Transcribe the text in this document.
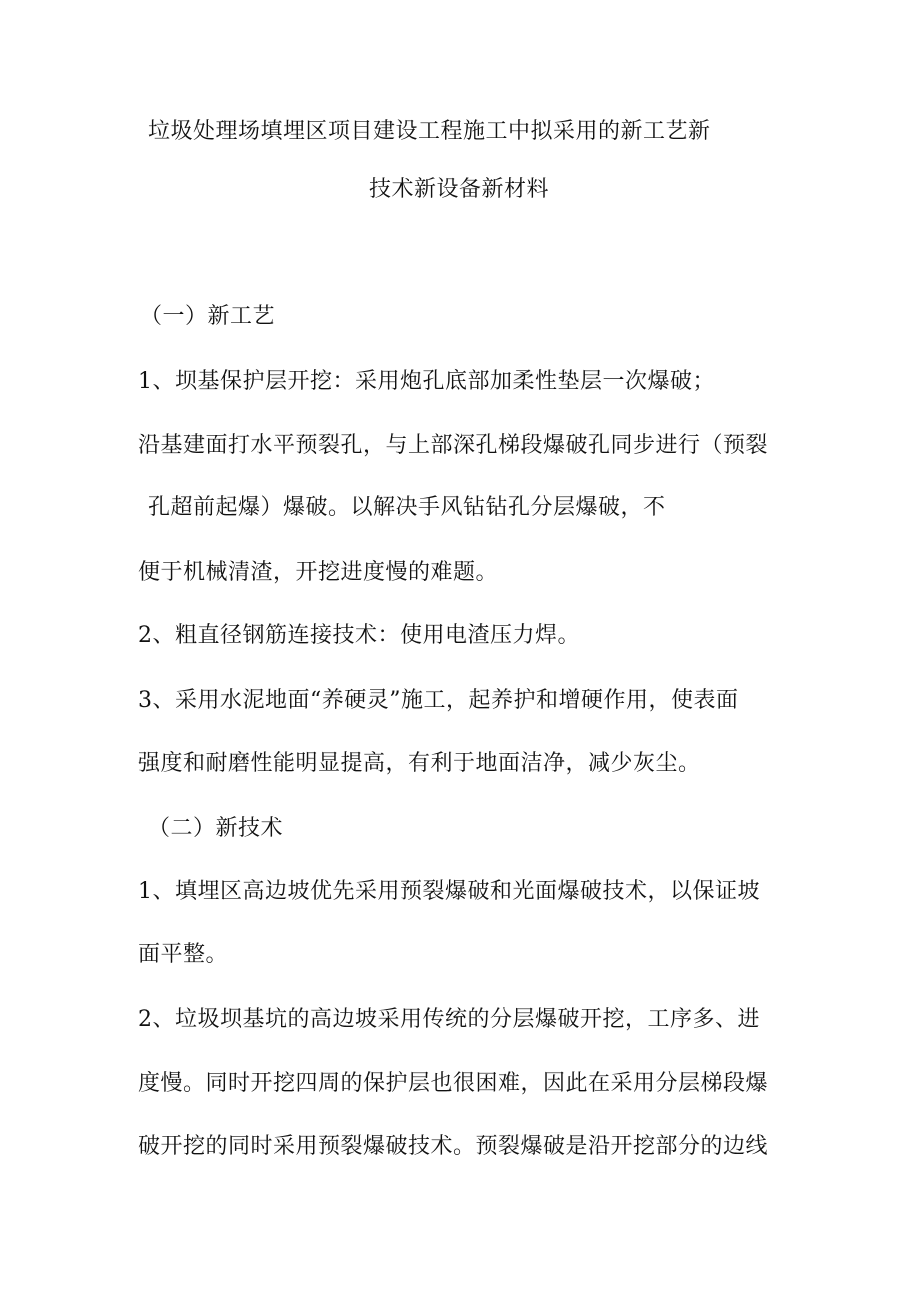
垃圾处理场填埋区项目建设工程施工中拟采用的新工艺新
技术新设备新材料
（一）新工艺
1、坝基保护层开挖：采用炮孔底部加柔性垫层一次爆破；
沿基建面打水平预裂孔，与上部深孔梯段爆破孔同步进行（预裂
孔超前起爆）爆破。以解决手风钻钻孔分层爆破，不
便于机械清渣，开挖进度慢的难题。
2、粗直径钢筋连接技术：使用电渣压力焊。
3、采用水泥地面“养硬灵”施工，起养护和增硬作用，使表面
强度和耐磨性能明显提高，有利于地面洁净，减少灰尘。
（二）新技术
1、填埋区高边坡优先采用预裂爆破和光面爆破技术，以保证坡
面平整。
2、垃圾坝基坑的高边坡采用传统的分层爆破开挖，工序多、进
度慢。同时开挖四周的保护层也很困难，因此在采用分层梯段爆
破开挖的同时采用预裂爆破技术。预裂爆破是沿开挖部分的边线
